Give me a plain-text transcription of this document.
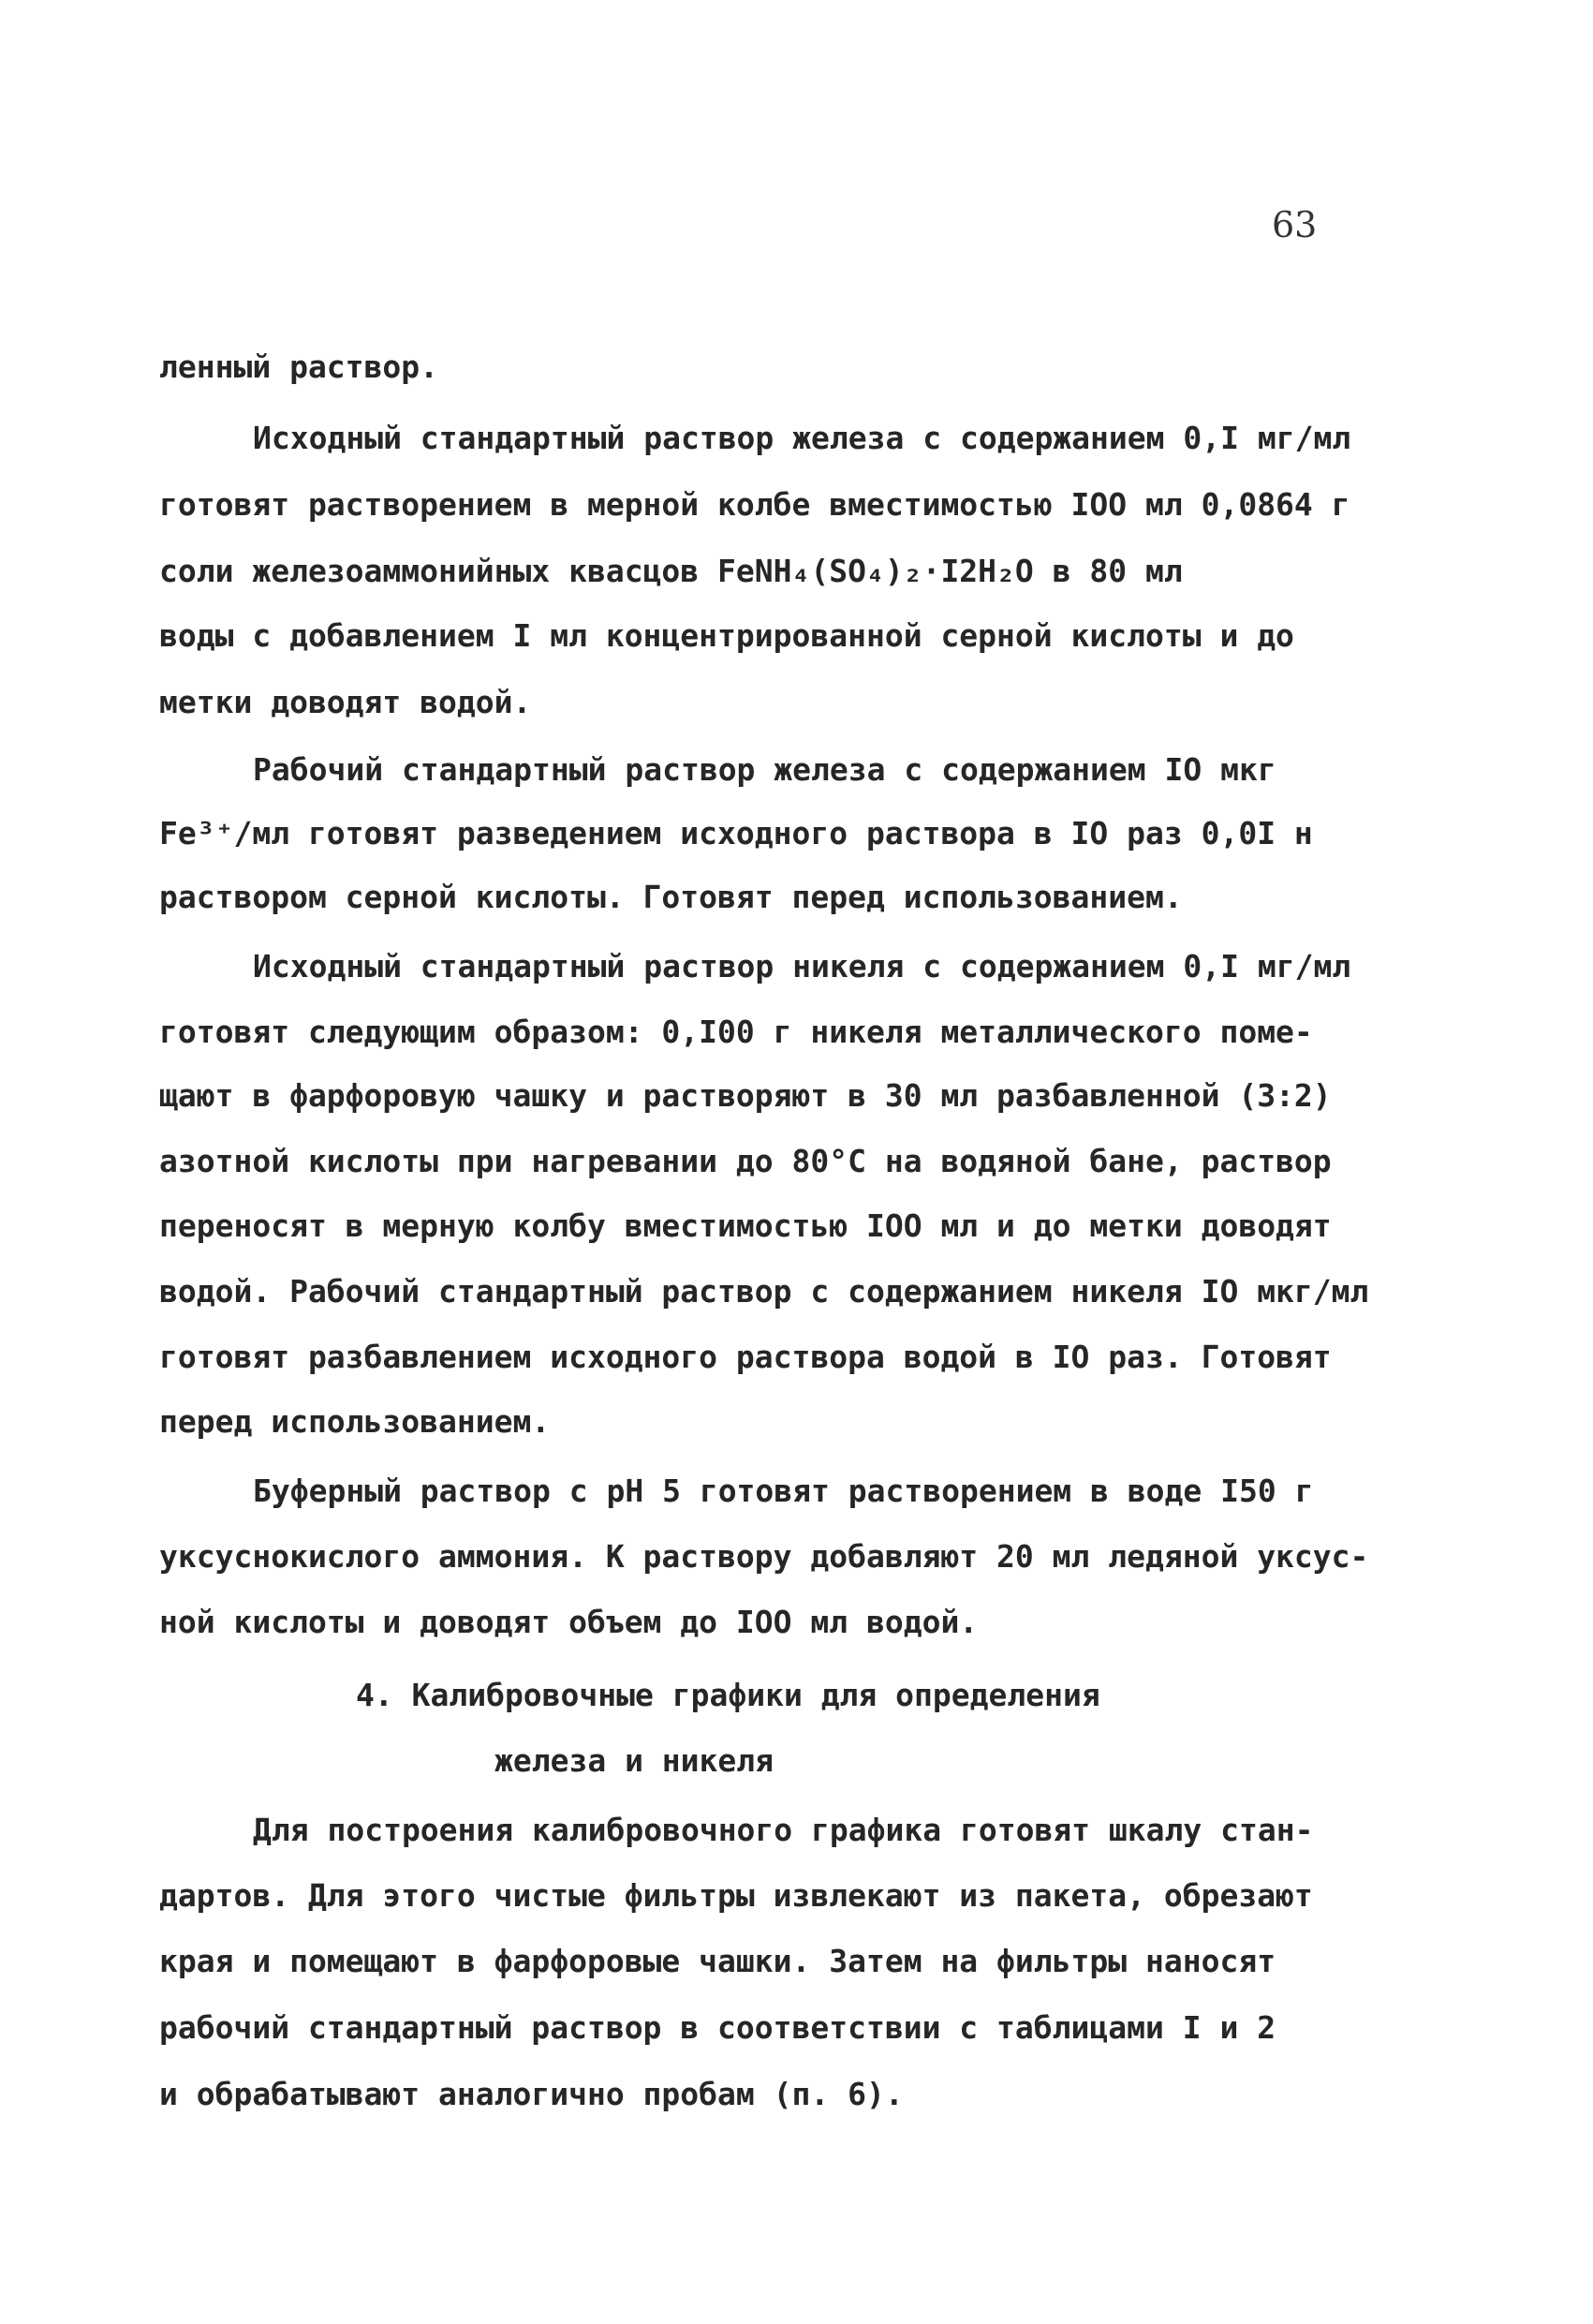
63
ленный раствор.
Исходный стандартный раствор железа с содержанием 0,I мг/мл
готовят растворением в мерной колбе вместимостью IOO мл 0,0864 г
соли железоаммонийных квасцов FeNH₄(SO₄)₂·I2H₂O в 80 мл
воды с добавлением I мл концентрированной серной кислоты и до
метки доводят водой.
Рабочий стандартный раствор железа с содержанием IO мкг
Fe³⁺/мл готовят разведением исходного раствора в IO раз 0,0I н
раствором серной кислоты. Готовят перед использованием.
Исходный стандартный раствор никеля с содержанием 0,I мг/мл
готовят следующим образом: 0,I00 г никеля металлического поме-
щают в фарфоровую чашку и растворяют в 30 мл разбавленной (3:2)
азотной кислоты при нагревании до 80°С на водяной бане, раствор
переносят в мерную колбу вместимостью IOO мл и до метки доводят
водой. Рабочий стандартный раствор с содержанием никеля IO мкг/мл
готовят разбавлением исходного раствора водой в IO раз. Готовят
перед использованием.
Буферный раствор с рН 5 готовят растворением в воде I50 г
уксуснокислого аммония. К раствору добавляют 20 мл ледяной уксус-
ной кислоты и доводят объем до IOO мл водой.
4. Калибровочные графики для определения
железа и никеля
Для построения калибровочного графика готовят шкалу стан-
дартов. Для этого чистые фильтры извлекают из пакета, обрезают
края и помещают в фарфоровые чашки. Затем на фильтры наносят
рабочий стандартный раствор в соответствии с таблицами I и 2
и обрабатывают аналогично пробам (п. 6).
